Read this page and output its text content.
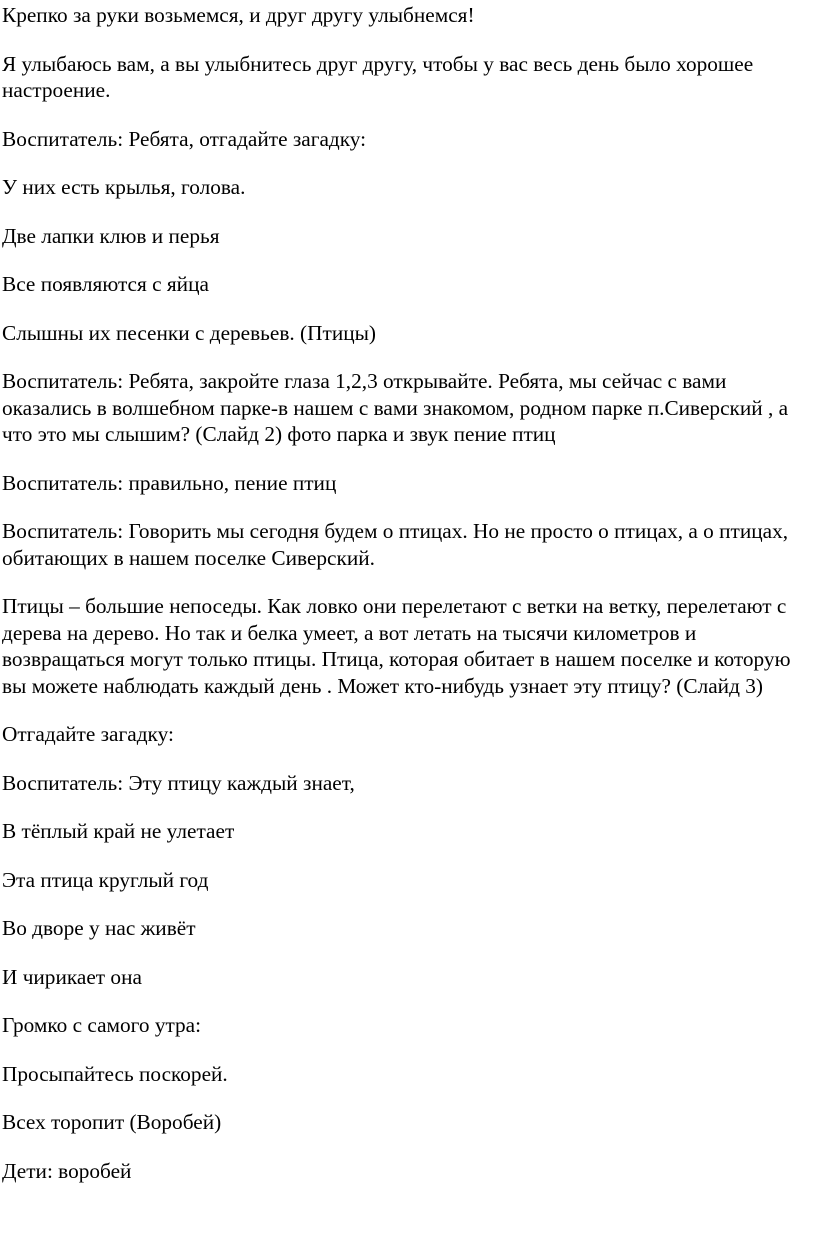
Крепко за руки возьмемся, и друг другу улыбнемся!

Я улыбаюсь вам, а вы улыбнитесь друг другу, чтобы у вас весь день было хорошее настроение.

Воспитатель: Ребята, отгадайте загадку:

У них есть крылья, голова.

Две лапки клюв и перья

Все появляются с яйца

Слышны их песенки с деревьев. (Птицы)

Воспитатель: Ребята, закройте глаза 1,2,3 открывайте. Ребята, мы сейчас с вами оказались в волшебном парке-в нашем с вами знакомом, родном парке п.Сиверский , а что это мы слышим? (Слайд 2) фото парка и звук пение птиц

Воспитатель: правильно, пение птиц

Воспитатель: Говорить мы сегодня будем о птицах. Но не просто о птицах, а о птицах, обитающих в нашем поселке Сиверский.

Птицы – большие непоседы. Как ловко они перелетают с ветки на ветку, перелетают с дерева на дерево. Но так и белка умеет, а вот летать на тысячи километров и возвращаться могут только птицы. Птица, которая обитает в нашем поселке и которую вы можете наблюдать каждый день . Может кто-нибудь узнает эту птицу? (Слайд 3)

Отгадайте загадку:

Воспитатель: Эту птицу каждый знает,

В тёплый край не улетает

Эта птица круглый год

Во дворе у нас живёт

И чирикает она

Громко с самого утра:

Просыпайтесь поскорей.

Всех торопит (Воробей)

Дети: воробей
